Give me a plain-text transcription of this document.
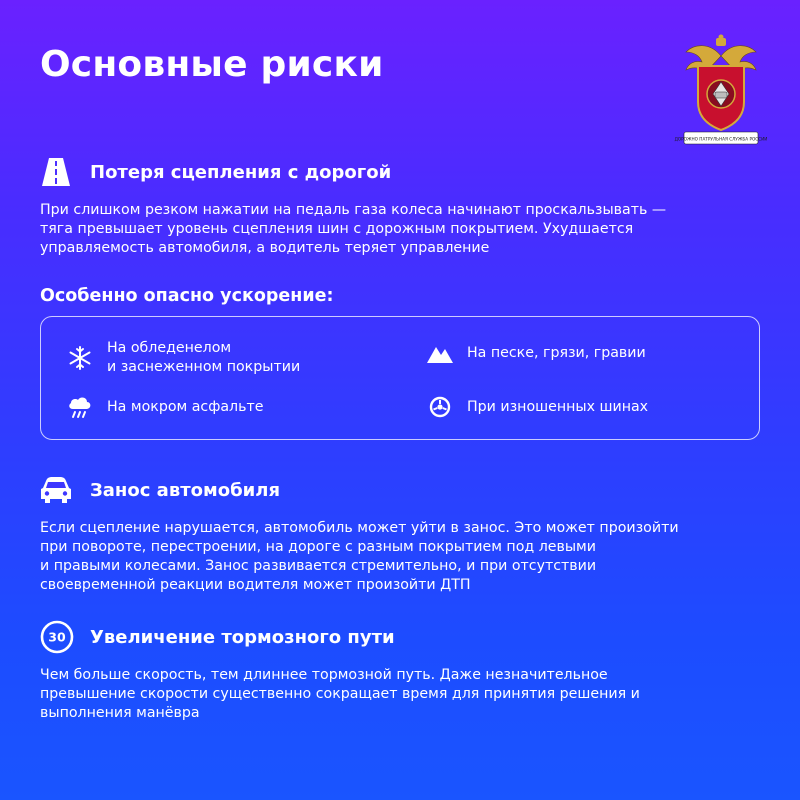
Основные риски
ДОРОЖНО ПАТРУЛЬНАЯ СЛУЖБА РОССИИ
Потеря сцепления с дорогой
При слишком резком нажатии на педаль газа колеса начинают проскальзывать —
тяга превышает уровень сцепления шин с дорожным покрытием. Ухудшается
управляемость автомобиля, а водитель теряет управление
Особенно опасно ускорение:
На обледенелом
и заснеженном покрытии
На песке, грязи, гравии
На мокром асфальте	При изношенных шинах
Занос автомобиля
Если сцепление нарушается, автомобиль может уйти в занос. Это может произойти
при повороте, перестроении, на дороге с разным покрытием под левыми
и правыми колесами. Занос развивается стремительно, и при отсутствии
своевременной реакции водителя может произойти ДТП
30 Увеличение тормозного пути
Чем больше скорость, тем длиннее тормозной путь. Даже незначительное
превышение скорости существенно сокращает время для принятия решения и
выполнения манёвра
